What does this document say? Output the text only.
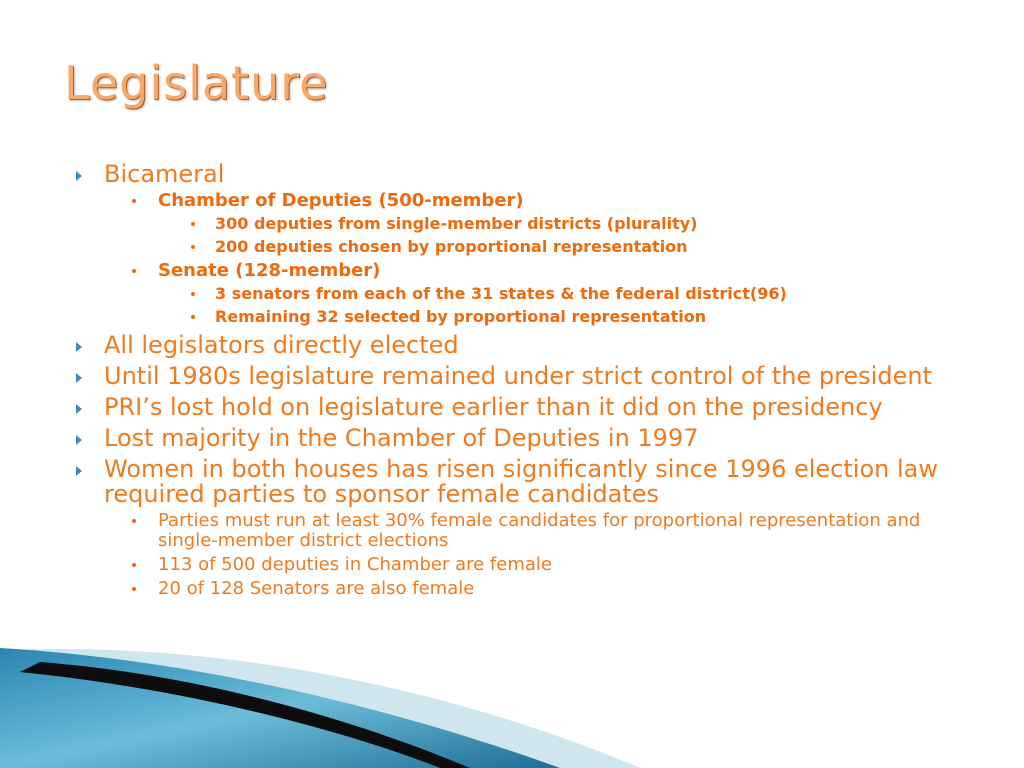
Legislature
Bicameral
Chamber of Deputies (500-member)
300 deputies from single-member districts (plurality)
200 deputies chosen by proportional representation
Senate (128-member)
3 senators from each of the 31 states & the federal district(96)
Remaining 32 selected by proportional representation
All legislators directly elected
Until 1980s legislature remained under strict control of the president
PRI’s lost hold on legislature earlier than it did on the presidency
Lost majority in the Chamber of Deputies in 1997
Women in both houses has risen significantly since 1996 election law required parties to sponsor female candidates
Parties must run at least 30% female candidates for proportional representation and single-member district elections
113 of 500 deputies in Chamber are female
20 of 128 Senators are also female
